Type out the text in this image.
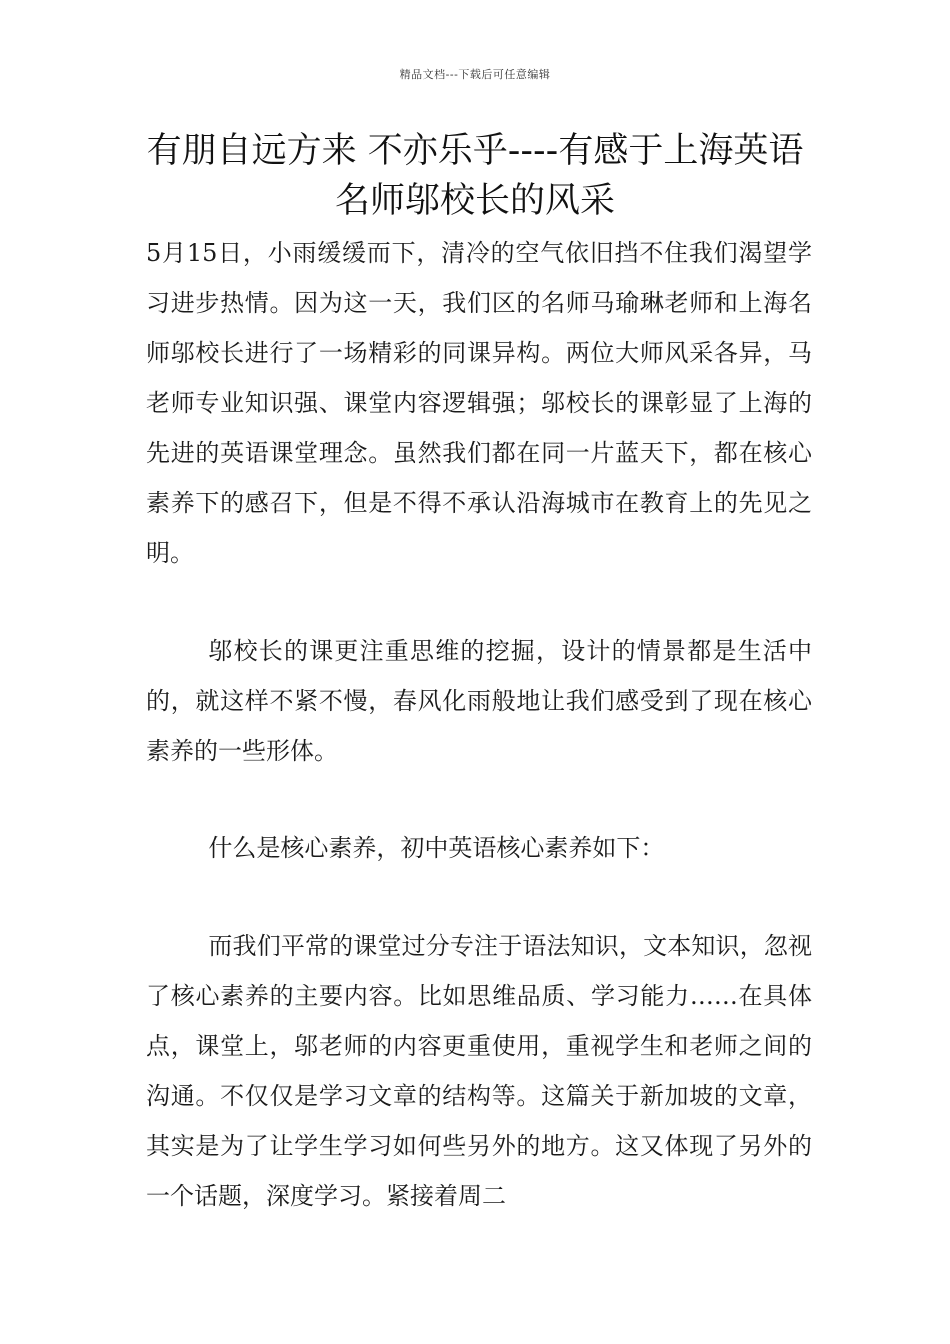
精品文档---下载后可任意编辑
有朋自远方来 不亦乐乎----有感于上海英语名师邬校长的风采

5月15日，小雨缓缓而下，清冷的空气依旧挡不住我们渴望学习进步热情。因为这一天，我们区的名师马瑜琳老师和上海名师邬校长进行了一场精彩的同课异构。两位大师风采各异，马老师专业知识强、课堂内容逻辑强；邬校长的课彰显了上海的先进的英语课堂理念。虽然我们都在同一片蓝天下，都在核心素养下的感召下，但是不得不承认沿海城市在教育上的先见之明。

邬校长的课更注重思维的挖掘，设计的情景都是生活中的，就这样不紧不慢，春风化雨般地让我们感受到了现在核心素养的一些形体。

什么是核心素养，初中英语核心素养如下：

而我们平常的课堂过分专注于语法知识，文本知识，忽视了核心素养的主要内容。比如思维品质、学习能力……在具体点，课堂上，邬老师的内容更重使用，重视学生和老师之间的沟通。不仅仅是学习文章的结构等。这篇关于新加坡的文章，其实是为了让学生学习如何些另外的地方。这又体现了另外的一个话题，深度学习。紧接着周二
